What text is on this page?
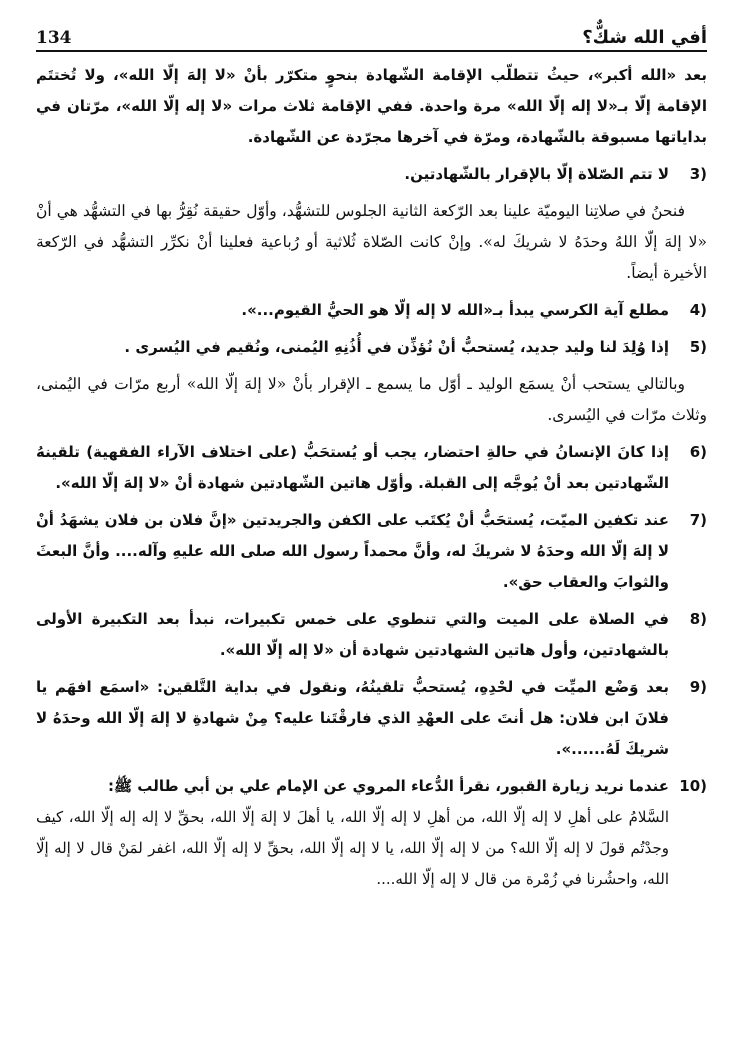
أفي الله شكٌّ؟
134

بعد «الله أكبر»، حيثُ تتطلّب الإقامة الشّهادة بنحوٍ متكرّر بأنْ «لا إلهَ إلّا الله»، ولا تُختتَم الإقامة إلّا بـ«لا إله إلّا الله» مرة واحدة. ففي الإقامة ثلاث مرات «لا إله إلّا الله»، مرّتان في بداياتها مسبوقة بالشّهادة، ومرّة في آخرها مجرّدة عن الشّهادة.

3)
لا تتم الصّلاة إلّا بالإقرار بالشّهادتين.

فنحنُ في صلاتِنا اليوميّة علينا بعد الرّكعة الثانية الجلوس للتشهُّد، وأوّل حقيقة نُقِرُّ بها في التشهُّد هي أنْ «لا إلهَ إلّا اللهُ وحدَهُ لا شريكَ له». وإنْ كانت الصّلاة ثُلاثية أو رُباعية فعلينا أنْ نكرِّر التشهُّد في الرّكعة الأخيرة أيضاً.

4)
مطلع آية الكرسي يبدأ بـ«الله لا إله إلّا هو الحيُّ القيوم...».
5)
إذا وُلِدَ لنا وليد جديد، يُستحبُّ أنْ نُؤذِّن في أُذُنِهِ اليُمنى، ونُقيم في اليُسرى .

وبالتالي يستحب أنْ يسمَع الوليد ـ أوّل ما يسمع ـ الإقرار بأنْ «لا إلهَ إلّا الله» أربع مرّات في اليُمنى، وثلاث مرّات في اليُسرى.

6)
إذا كانَ الإنسانُ في حالةِ احتضار، يجب أو يُستحَبُّ (على اختلاف الآراء الفقهية) تلقينهُ الشّهادتين بعد أنْ يُوجَّه إلى القبلة. وأوّل هاتين الشّهادتين شهادة أنْ «لا إلهَ إلّا الله».
7)
عند تكفين الميّت، يُستحَبُّ أنْ يُكتَب على الكفن والجريدتين «إنَّ فلان بن فلان يشهَدُ أنْ لا إلهَ إلّا الله وحدَهُ لا شريكَ له، وأنَّ محمداً رسول الله صلى الله عليهِ وآله.... وأنَّ البعثَ والثوابَ والعقاب حق».
8)
في الصلاة على الميت والتي تنطوي على خمس تكبيرات، نبدأ بعد التكبيرة الأولى بالشهادتين، وأول هاتين الشهادتين شهادة أن «لا إله إلّا الله».
9)
بعد وَضْع الميِّت في لحْدِهِ، يُستحبُّ تلقينُهُ، ونقول في بداية التَّلقين: «اسمَع افهَم يا فلانَ ابن فلان: هل أنتَ على العهْدِ الذي فارقْتَنا عليه؟ مِنْ شهادةِ لا إلهَ إلّا الله وحدَهُ لا شريكَ لَهُ......».
10)
عندما نريد زيارة القبور، نقرأ الدُّعاء المروي عن الإمام علي بن أبي طالب ﷺ:
السَّلامُ على أهلِ لا إله إلّا الله، من أهلِ لا إله إلّا الله، يا أهلَ لا إلهَ إلّا الله، بحقِّ لا إله إله إلّا الله، كيف وجدْتُم قولَ لا إله إلّا الله؟ من لا إله إلّا الله، يا لا إله إلّا الله، بحقِّ لا إله إلّا الله، اغفر لمَنْ قال لا إله إلّا الله، واحشُرنا في زُمْرة من قال لا إله إلّا الله....
